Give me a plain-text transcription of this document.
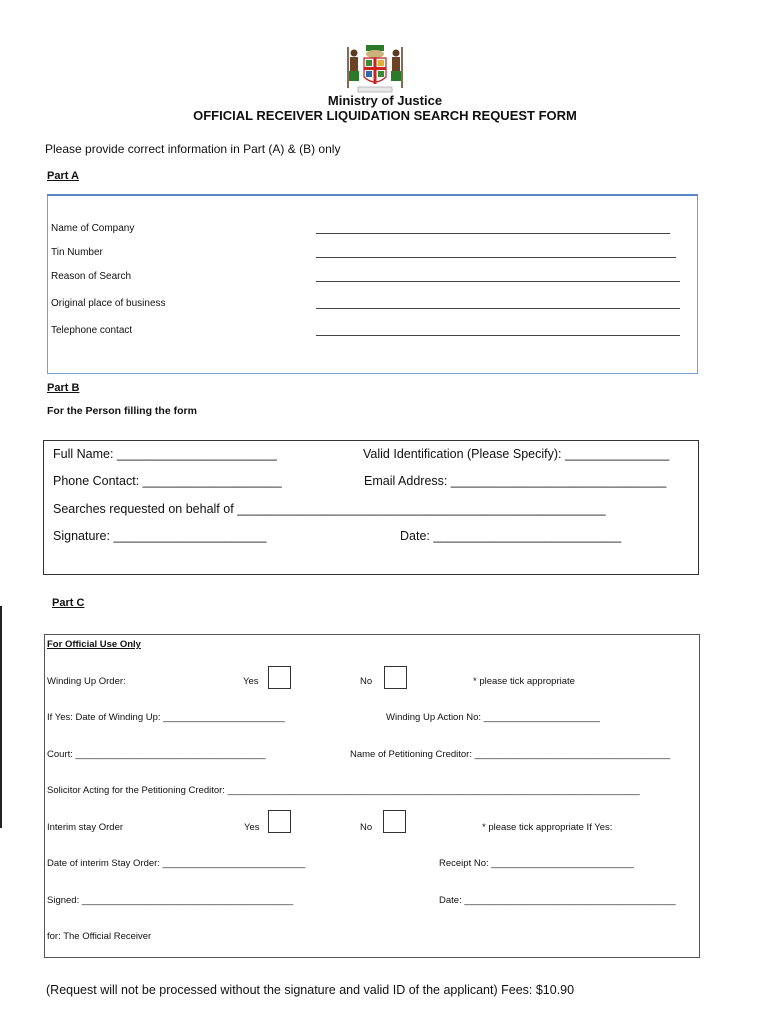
Ministry of Justice
OFFICIAL RECEIVER LIQUIDATION SEARCH REQUEST FORM
Please provide correct information in Part (A) & (B) only
Part A
Name of Company
Tin Number
Reason of Search
Original place of business
Telephone contact
Part B
For the Person filling the form
Full Name: _______________________	Valid Identification (Please Specify): _______________
Phone Contact: ____________________	Email Address: _______________________________
Searches requested on behalf of _____________________________________________________
Signature: ______________________	Date: ___________________________
Part C
For Official Use Only
Winding Up Order:	Yes	No	* please tick appropriate
If Yes: Date of Winding Up: _______________________	Winding Up Action No: ______________________
Court: ____________________________________	Name of Petitioning Creditor: _____________________________________
Solicitor Acting for the Petitioning Creditor: ______________________________________________________________________________
Interim stay Order	Yes	No	* please tick appropriate If Yes:
Date of interim Stay Order: ___________________________	Receipt No: ___________________________
Signed: ________________________________________	Date: ________________________________________
for: The Official Receiver
(Request will not be processed without the signature and valid ID of the applicant) Fees: $10.90
